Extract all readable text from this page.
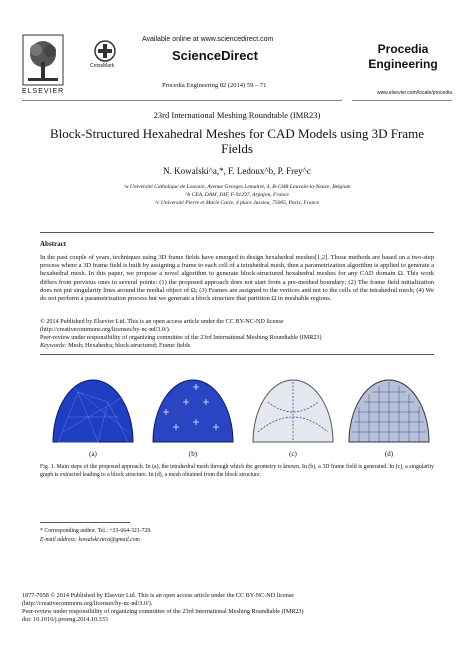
ELSEVIER
CrossMark
Available online at www.sciencedirect.com
ScienceDirect
Procedia Engineering 82 (2014) 59 – 71
Procedia
Engineering
www.elsevier.com/locate/procedia
23rd International Meshing Roundtable (IMR23)
Block-Structured Hexahedral Meshes for CAD Models using 3D Frame Fields
N. Kowalski^a,*, F. Ledoux^b, P. Frey^c
^a Université Catholique de Louvain, Avenue Georges Lemaitre, 4, B-1348 Louvain-la-Neuve, Belgium
^b CEA, DAM, DIF, F-91297, Arpajon, France
^c Université Pierre et Marie Curie, 4 place Jussieu, 75005, Paris, France
Abstract
In the past couple of years, techniques using 3D frame fields have emerged to design hexahedral meshes[1,2]. Those methods are based on a two-step process where a 3D frame field is built by assigning a frame to each cell of a tetrahedral mesh, then a parametrization algorithm is applied to generate a hexahedral mesh. In this paper, we propose a novel algorithm to generate block-structured hexahedral meshes for any CAD domain Ω. This work differs from previous ones in several points: (1) the proposed approach does not start from a pre-meshed boundary; (2) The frame field initialization does not put singularity lines around the medial object of Ω; (3) Frames are assigned to the vertices and not to the cells of the tetrahedral mesh; (4) We do not perform a parametrization process but we generate a block structure that partition Ω in meshable regions.
© 2014 Published by Elsevier Ltd. This is an open access article under the CC BY-NC-ND license
(http://creativecommons.org/licenses/by-nc-nd/3.0/).
Peer-review under responsibility of organizing committee of the 23rd International Meshing Roundtable (IMR23)
Keywords: Mesh; Hexahedra; block-structured; Frame fields
(a)	(b)	(c)	(d)
Fig. 1. Main steps of the proposed approach. In (a), the tetrahedral mesh through which the geometry is known. In (b), a 3D frame field is generated. In (c), a singularity graph is extracted leading to a block structure. In (d), a mesh obtained from the block structure.
* Corresponding author. Tel.: +33-664-321-729.
E-mail address: kowalski.nico@gmail.com
1877-7058 © 2014 Published by Elsevier Ltd. This is an open access article under the CC BY-NC-ND license
(http://creativecommons.org/licenses/by-nc-nd/3.0/).
Peer-review under responsibility of organizing committee of the 23rd International Meshing Roundtable (IMR23)
doi: 10.1016/j.proeng.2014.10.333
